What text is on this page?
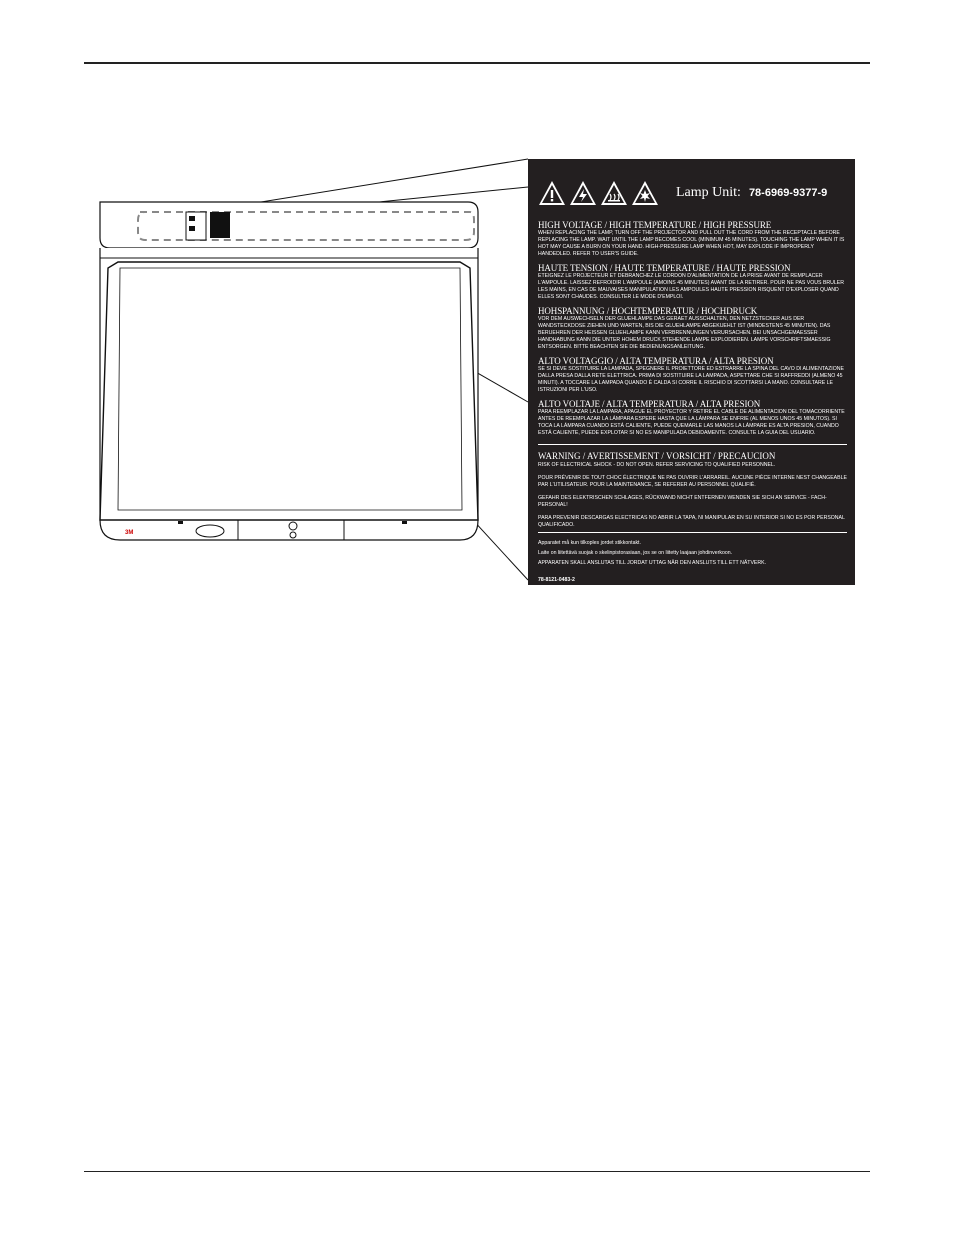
3M
Lamp Unit: 78-6969-9377-9
HIGH VOLTAGE / HIGH TEMPERATURE / HIGH PRESSURE
WHEN REPLACING THE LAMP, TURN OFF THE PROJECTOR AND PULL OUT THE CORD FROM THE RECEPTACLE BEFORE REPLACING THE LAMP. WAIT UNTIL THE LAMP BECOMES COOL (MINIMUM 45 MINUTES). TOUCHING THE LAMP WHEN IT IS HOT MAY CAUSE A BURN ON YOUR HAND. HIGH-PRESSURE LAMP WHEN HOT, MAY EXPLODE IF IMPROPERLY HANDEDLED. REFER TO USER'S GUIDE.
HAUTE TENSION / HAUTE TEMPERATURE / HAUTE PRESSION
ETEIGNEZ LE PROJECTEUR ET DEBRANCHEZ LE CORDON D'ALIMENTATION DE LA PRISE AVANT DE REMPLACER L'AMPOULE. LAISSEZ REFROIDIR L'AMPOULE (AMOINS 45 MINUTES) AVANT DE LA RETIRER. POUR NE PAS VOUS BRULER LES MAINS, EN CAS DE MAUVAISES MANIPULATION LES AMPOULES HAUTE PRESSION RISQUENT D'EXPLOSER QUAND ELLES SONT CHAUDES. CONSULTER LE MODE D'EMPLOI.
HOHSPANNUNG / HOCHTEMPERATUR / HOCHDRUCK
VOR DEM AUSWECHSELN DER GLUEHLAMPE DAS GERAET AUSSCHALTEN, DEN NETZSTECKER AUS DER WANDSTECKDOSE ZIEHEN UND WARTEN, BIS DIE GLUEHLAMPE ABGEKUEHLT IST (MINDESTENS 45 MINUTEN). DAS BERUEHREN DER HEISSEN GLUEHLAMPE KANN VERBRENNUNGEN VERURSACHEN. BEI UNSACHGEMAESSER HANDHABUNG KANN DIE UNTER HOHEM DRUCK STEHENDE LAMPE EXPLODIEREN. LAMPE VORSCHRIFTSMAESSIG ENTSORGEN. BITTE BEACHTEN SIE DIE BEDIENUNGSANLEITUNG.
ALTO VOLTAGGIO / ALTA TEMPERATURA / ALTA PRESION
SE SI DEVE SOSTITUIRE LA LAMPADA, SPEGNERE IL PROIETTORE ED ESTRARRE LA SPINA DEL CAVO DI ALIMENTAZIONE DALLA PRESA DALLA RETE ELETTRICA. PRIMA DI SOSTITUIRE LA LAMPADA, ASPETTARE CHE SI RAFFREDDI (ALMENO 45 MINUTI). A TOCCARE LA LAMPADA QUANDO È CALDA SI CORRE IL RISCHIO DI SCOTTARSI LA MANO. CONSULTARE LE ISTRUZIONI PER L'USO.
ALTO VOLTAJE / ALTA TEMPERATURA / ALTA PRESION
PARA REEMPLAZAR LA LAMPARA, APAGUE EL PROYECTOR Y RETIRE EL CABLE DE ALIMENTACION DEL TOMACORRIENTE ANTES DE REEMPLAZAR LA LÁMPARA ESPERE HASTA QUE LA LÁMPARA SE ENFRIE (AL MENOS UNOS 45 MINUTOS). SI TOCA LA LÁMPARA CUANDO ESTÁ CALIENTE, PUEDE QUEMARLE LAS MANOS LA LÁMPARE ES ALTA PRESION, CUANDO ESTÁ CALIENTE, PUEDE EXPLOTAR SI NO ES MANIPULADA DEBIDAMENTE. CONSULTE LA GUIA DEL USUARIO.
WARNING / AVERTISSEMENT / VORSICHT / PRECAUCION
RISK OF ELECTRICAL SHOCK - DO NOT OPEN. REFER SERVICING TO QUALIFIED PERSONNEL.
POUR PRÉVENIR DE TOUT CHOC ÉLECTRIQUE NE PAS OUVRIR L'ARRAREIL. AUCUNE PIÈCE INTERNE NEST CHANGEABLE PAR L'UTILISATEUR. POUR LA MAINTENANCE, SE REFERER AU PERSONNEL QUALIFIÉ.
GEFAHR DES ELEKTRISCHEN SCHLAGES, RÜCKWAND NICHT ENTFERNEN WENDEN SIE SICH AN SERVICE - FACH-PERSONAL!
PARA PREVENIR DESCARGAS ELECTRICAS NO ABRIR LA TAPA, NI MANIPULAR EN SU INTERIOR SI NO ES POR PERSONAL QUALIFICADO.
Apparatet må kun tilkoples jordet stikkontakt.
Laite on liitettävä suojak o skelinpistorasiaan, jos se on liitetty laajaan johdinverkoon.
APPARATEN SKALL ANSLUTAS TILL JORDAT UTTAG NÄR DEN ANSLUTS TILL ETT NÄTVERK.
78-8121-0483-2
